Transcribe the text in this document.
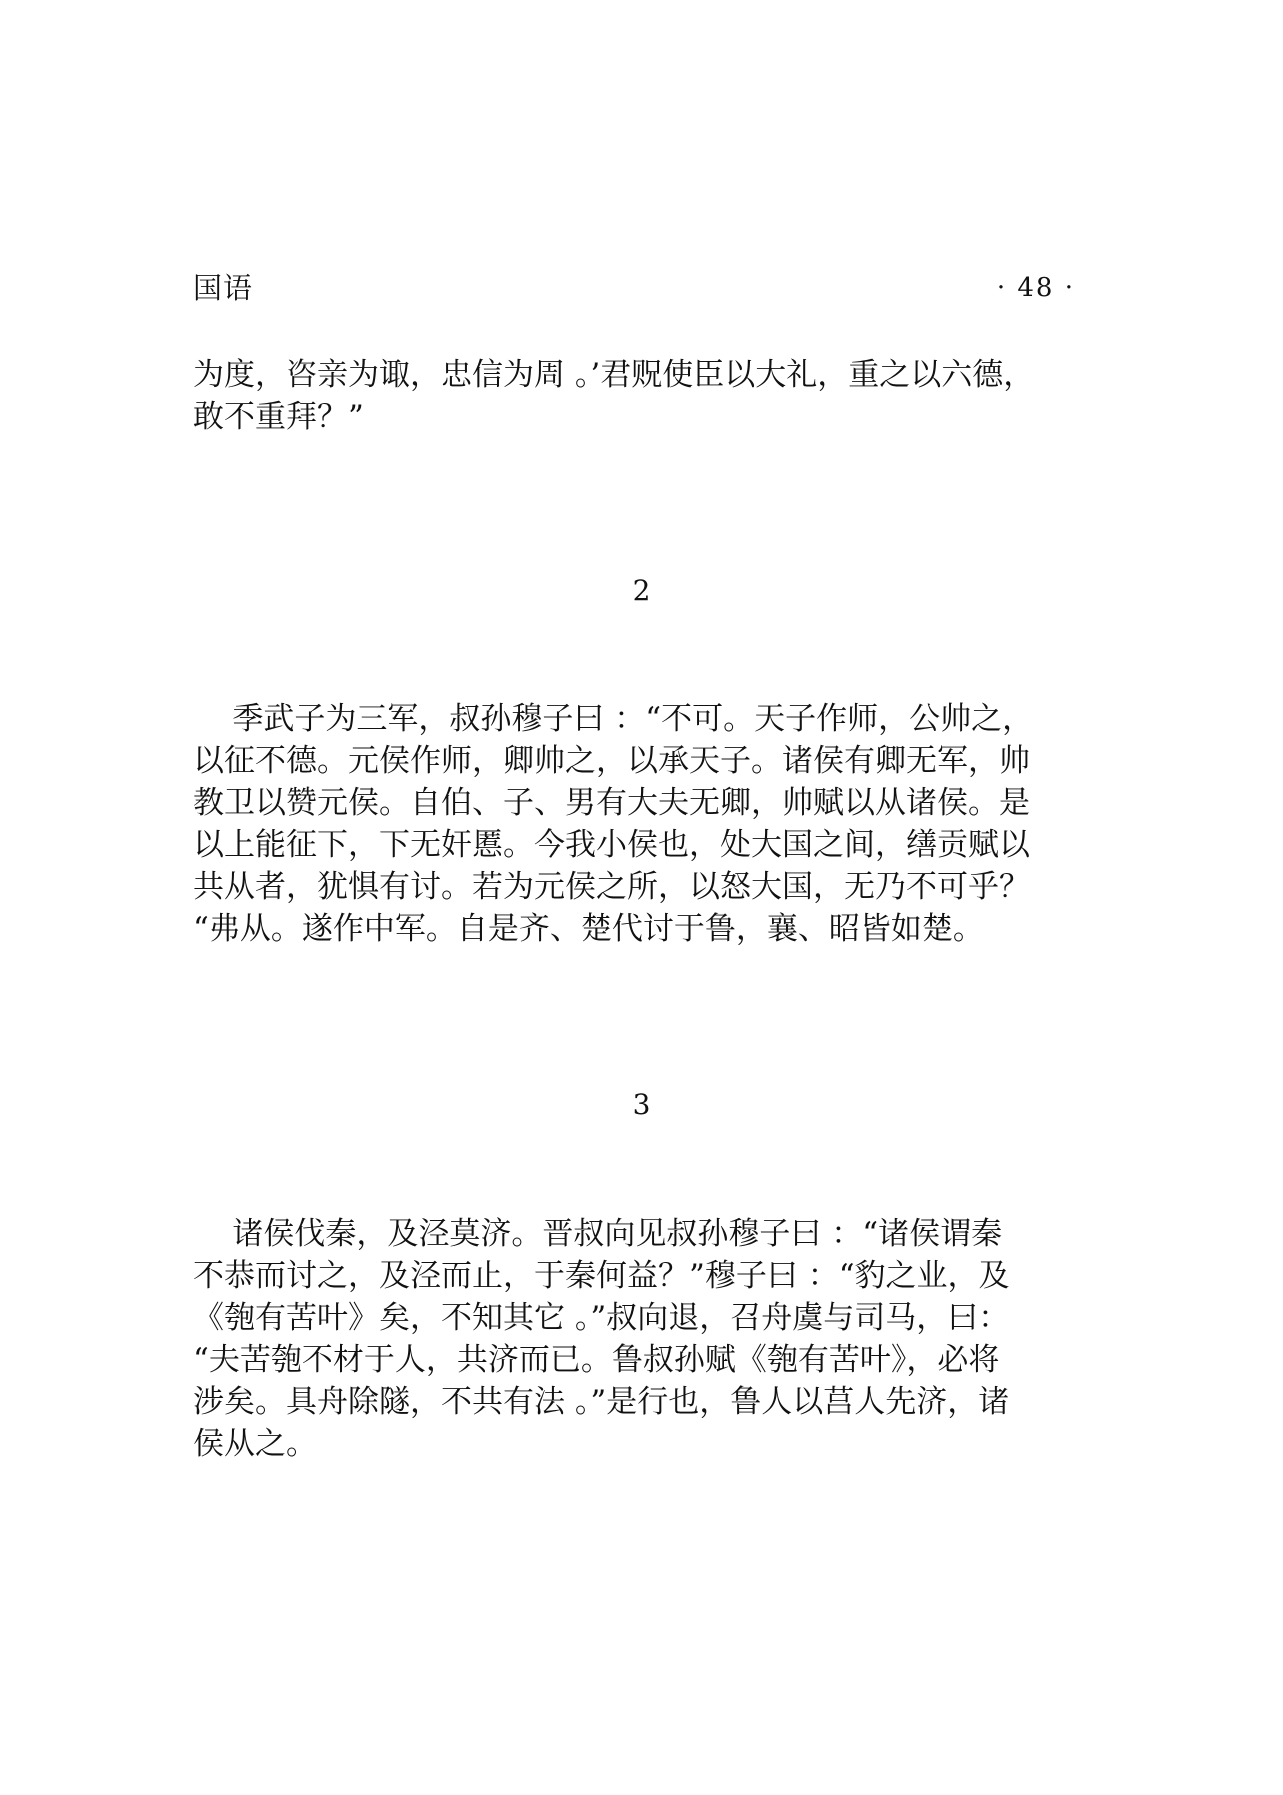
国语	· 48 ·
为度，咨亲为诹，忠信为周 。’君贶使臣以大礼，重之以六德，
敢不重拜？”
2
季武子为三军，叔孙穆子曰 ：“不可。天子作师，公帅之，
以征不德。元侯作师，卿帅之，以承天子。诸侯有卿无军，帅
教卫以赞元侯。自伯、子、男有大夫无卿，帅赋以从诸侯。是
以上能征下，下无奸慝。今我小侯也，处大国之间，缮贡赋以
共从者，犹惧有讨。若为元侯之所，以怒大国，无乃不可乎？
“弗从。遂作中军。自是齐、楚代讨于鲁，襄、昭皆如楚。
3
诸侯伐秦，及泾莫济。晋叔向见叔孙穆子曰 ：“诸侯谓秦
不恭而讨之，及泾而止，于秦何益？”穆子曰 ：“豹之业，及
《匏有苦叶》矣，不知其它 。”叔向退，召舟虞与司马，曰：
“夫苦匏不材于人，共济而已。鲁叔孙赋《匏有苦叶》，必将
涉矣。具舟除隧，不共有法 。”是行也，鲁人以莒人先济，诸
侯从之。
